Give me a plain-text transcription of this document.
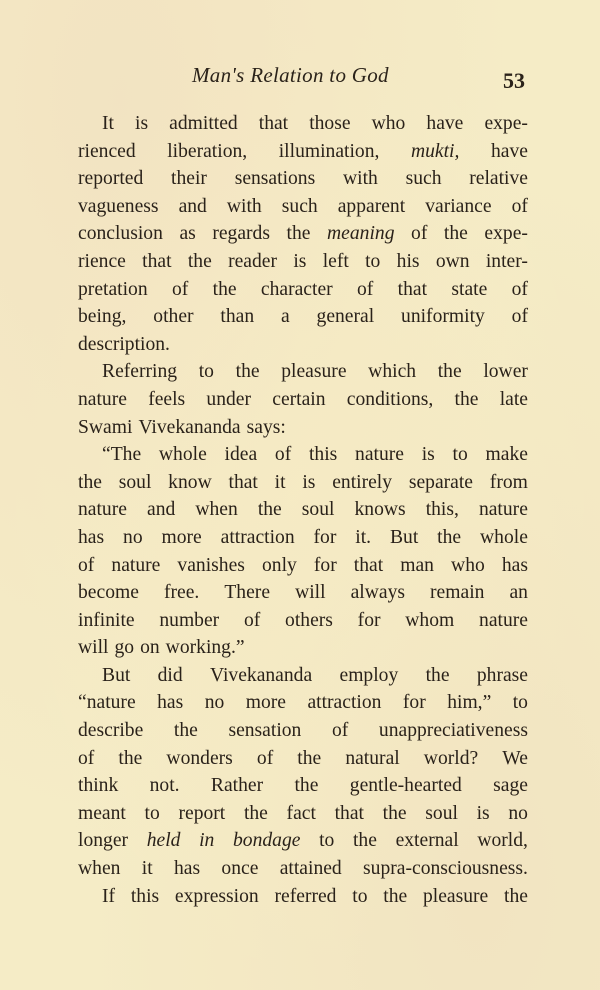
Man's Relation to God	53
It is admitted that those who have expe-
rienced liberation, illumination, mukti, have
reported their sensations with such relative
vagueness and with such apparent variance of
conclusion as regards the meaning of the expe-
rience that the reader is left to his own inter-
pretation of the character of that state of
being, other than a general uniformity of
description.
Referring to the pleasure which the lower
nature feels under certain conditions, the late
Swami Vivekananda says:
“The whole idea of this nature is to make
the soul know that it is entirely separate from
nature and when the soul knows this, nature
has no more attraction for it. But the whole
of nature vanishes only for that man who has
become free. There will always remain an
infinite number of others for whom nature
will go on working.”
But did Vivekananda employ the phrase
“nature has no more attraction for him,” to
describe the sensation of unappreciativeness
of the wonders of the natural world? We
think not. Rather the gentle-hearted sage
meant to report the fact that the soul is no
longer held in bondage to the external world,
when it has once attained supra-consciousness.
If this expression referred to the pleasure the
